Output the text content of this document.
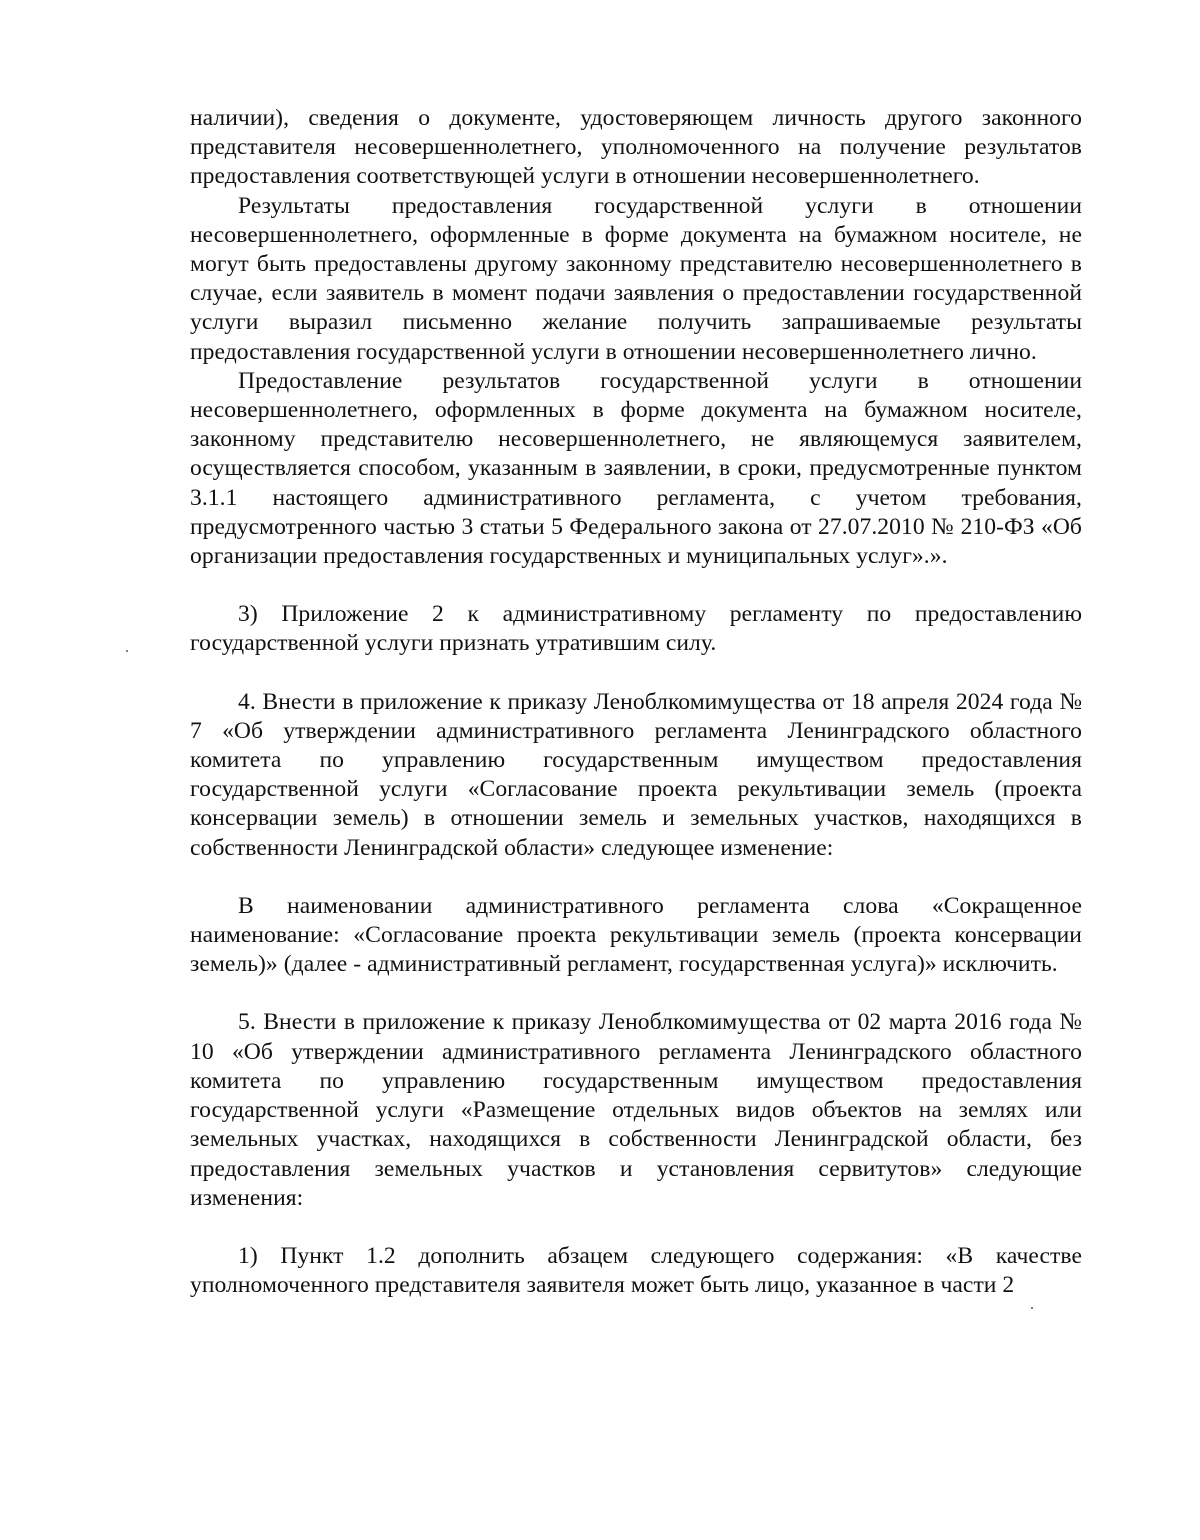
наличии), сведения о документе, удостоверяющем личность другого законного представителя несовершеннолетнего, уполномоченного на получение результатов предоставления соответствующей услуги в отношении несовершеннолетнего.

Результаты предоставления государственной услуги в отношении несовершеннолетнего, оформленные в форме документа на бумажном носителе, не могут быть предоставлены другому законному представителю несовершеннолетнего в случае, если заявитель в момент подачи заявления о предоставлении государственной услуги выразил письменно желание получить запрашиваемые результаты предоставления государственной услуги в отношении несовершеннолетнего лично.

Предоставление результатов государственной услуги в отношении несовершеннолетнего, оформленных в форме документа на бумажном носителе, законному представителю несовершеннолетнего, не являющемуся заявителем, осуществляется способом, указанным в заявлении, в сроки, предусмотренные пунктом 3.1.1 настоящего административного регламента, с учетом требования, предусмотренного частью 3 статьи 5 Федерального закона от 27.07.2010 № 210-ФЗ «Об организации предоставления государственных и муниципальных услуг».».

3) Приложение 2 к административному регламенту по предоставлению государственной услуги признать утратившим силу.

4. Внести в приложение к приказу Леноблкомимущества от 18 апреля 2024 года № 7 «Об утверждении административного регламента Ленинградского областного комитета по управлению государственным имуществом предоставления государственной услуги «Согласование проекта рекультивации земель (проекта консервации земель) в отношении земель и земельных участков, находящихся в собственности Ленинградской области» следующее изменение:

В наименовании административного регламента слова «Сокращенное наименование: «Согласование проекта рекультивации земель (проекта консервации земель)» (далее - административный регламент, государственная услуга)» исключить.

5. Внести в приложение к приказу Леноблкомимущества от 02 марта 2016 года № 10 «Об утверждении административного регламента Ленинградского областного комитета по управлению государственным имуществом предоставления государственной услуги «Размещение отдельных видов объектов на землях или земельных участках, находящихся в собственности Ленинградской области, без предоставления земельных участков и установления сервитутов» следующие изменения:

1) Пункт 1.2 дополнить абзацем следующего содержания: «В качестве уполномоченного представителя заявителя может быть лицо, указанное в части 2
